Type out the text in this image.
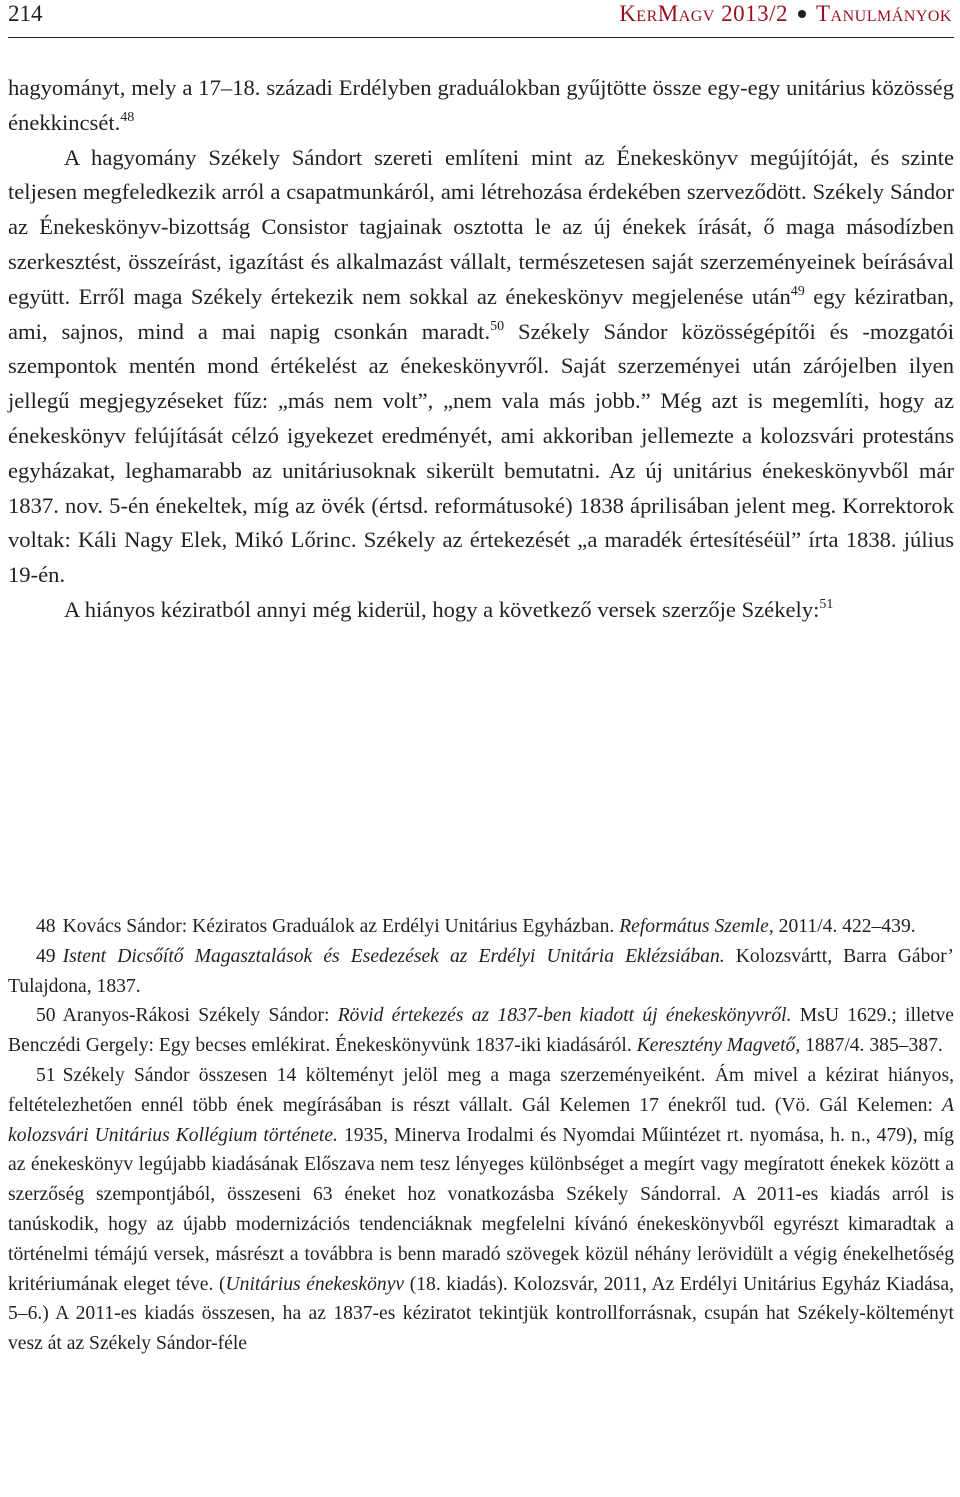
214	KerMagv 2013/2 Tanulmányok

hagyományt, mely a 17–18. századi Erdélyben graduálokban gyűjtötte össze egy-egy unitárius közösség énekkincsét.$^{48}$

A hagyomány Székely Sándort szereti említeni mint az Énekeskönyv megújítóját, és szinte teljesen megfeledkezik arról a csapatmunkáról, ami létrehozása érdekében szerveződött. Székely Sándor az Énekeskönyv-bizottság Consistor tagjainak osztotta le az új énekek írását, ő maga másodízben szerkesztést, összeírást, igazítást és alkalmazást vállalt, természetesen saját szerzeményeinek beírásával együtt. Erről maga Székely értekezik nem sokkal az énekeskönyv megjelenése után$^{49}$ egy kéziratban, ami, sajnos, mind a mai napig csonkán maradt.$^{50}$ Székely Sándor közösségépítői és -mozgatói szempontok mentén mond értékelést az énekeskönyvről. Saját szerzeményei után zárójelben ilyen jellegű megjegyzéseket fűz: „más nem volt”, „nem vala más jobb.” Még azt is megemlíti, hogy az énekeskönyv felújítását célzó igyekezet eredményét, ami akkoriban jellemezte a kolozsvári protestáns egyházakat, leghamarabb az unitáriusoknak sikerült bemutatni. Az új unitárius énekeskönyvből már 1837. nov. 5-én énekeltek, míg az övék (értsd. reformátusoké) 1838 áprilisában jelent meg. Korrektorok voltak: Káli Nagy Elek, Mikó Lőrinc. Székely az értekezését „a maradék értesítéséül” írta 1838. július 19-én.

A hiányos kéziratból annyi még kiderül, hogy a következő versek szerzője Székely:$^{51}$

48 Kovács Sándor: Kéziratos Graduálok az Erdélyi Unitárius Egyházban. Református Szemle, 2011/4. 422–439.

49 Istent Dicsőítő Magasztalások és Esedezések az Erdélyi Unitária Eklézsiában. Kolozsvártt, Barra Gábor’ Tulajdona, 1837.

50 Aranyos-Rákosi Székely Sándor: Rövid értekezés az 1837-ben kiadott új énekeskönyvről. MsU 1629.; illetve Benczédi Gergely: Egy becses emlékirat. Énekeskönyvünk 1837-iki kiadásáról. Keresztény Magvető, 1887/4. 385–387.

51 Székely Sándor összesen 14 költeményt jelöl meg a maga szerzeményeiként. Ám mivel a kézirat hiányos, feltételezhetően ennél több ének megírásában is részt vállalt. Gál Kelemen 17 énekről tud. (Vö. Gál Kelemen: A kolozsvári Unitárius Kollégium története. 1935, Minerva Irodalmi és Nyomdai Műintézet rt. nyomása, h. n., 479), míg az énekeskönyv legújabb kiadásának Előszava nem tesz lényeges különbséget a megírt vagy megíratott énekek között a szerzőség szempontjából, összeseni 63 éneket hoz vonatkozásba Székely Sándorral. A 2011-es kiadás arról is tanúskodik, hogy az újabb modernizációs tendenciáknak megfelelni kívánó énekeskönyvből egyrészt kimaradtak a történelmi témájú versek, másrészt a továbbra is benn maradó szövegek közül néhány lerövidült a végig énekelhetőség kritériumának eleget téve. (Unitárius énekeskönyv (18. kiadás). Kolozsvár, 2011, Az Erdélyi Unitárius Egyház Kiadása, 5–6.) A 2011-es kiadás összesen, ha az 1837-es kéziratot tekintjük kontrollforrásnak, csupán hat Székely-költeményt vesz át az Székely Sándor-féle
